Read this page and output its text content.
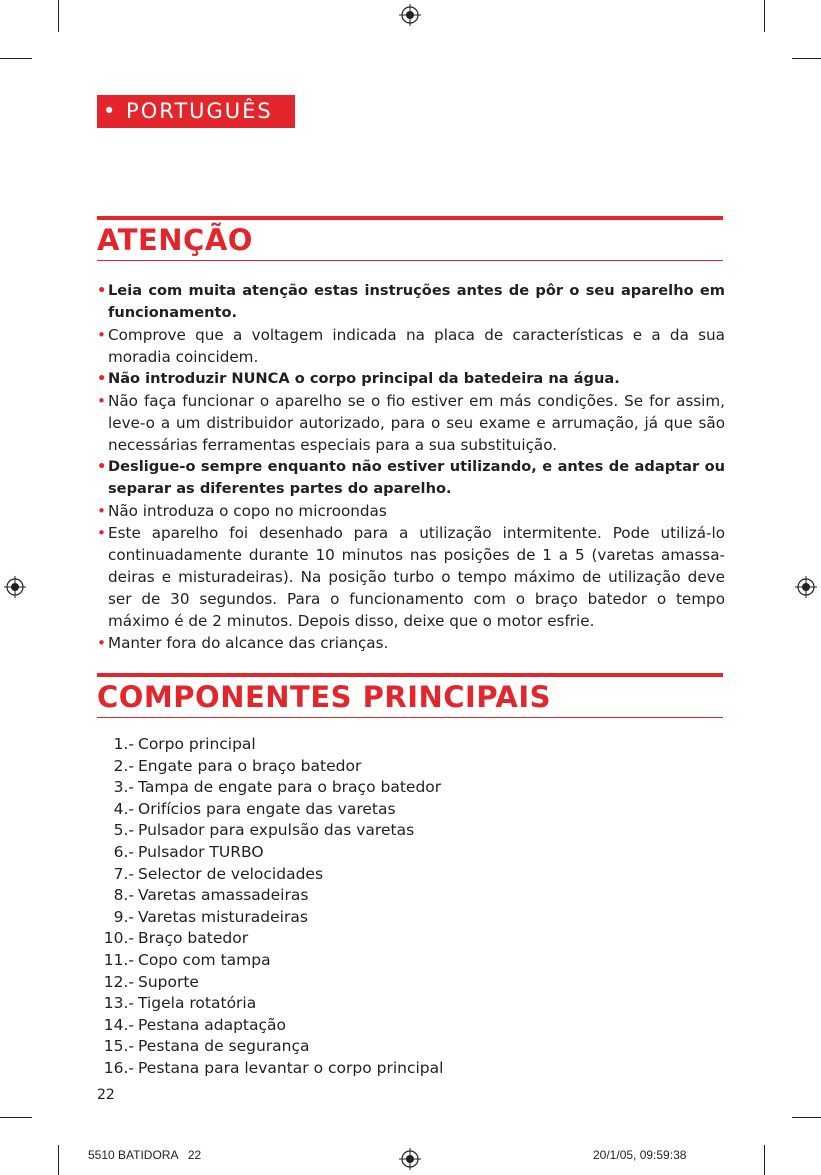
• PORTUGUÊS
ATENÇÃO
• Leia com muita atenção estas instruções antes de pôr o seu aparelho em funcionamento.
• Comprove que a voltagem indicada na placa de características e a da sua moradia coincidem.
• Não introduzir NUNCA o corpo principal da batedeira na água.
• Não faça funcionar o aparelho se o fio estiver em más condições. Se for assim, leve-o a um distribuidor autorizado, para o seu exame e arrumação, já que são necessárias ferramentas especiais para a sua substituição.
• Desligue-o sempre enquanto não estiver utilizando, e antes de adaptar ou separar as diferentes partes do aparelho.
• Não introduza o copo no microondas
• Este aparelho foi desenhado para a utilização intermitente. Pode utilizá-lo continuadamente durante 10 minutos nas posições de 1 a 5 (varetas amassa-deiras e misturadeiras). Na posição turbo o tempo máximo de utilização deve ser de 30 segundos. Para o funcionamento com o braço batedor o tempo máximo é de 2 minutos. Depois disso, deixe que o motor esfrie.
• Manter fora do alcance das crianças.
COMPONENTES PRINCIPAIS
1.- Corpo principal
2.- Engate para o braço batedor
3.- Tampa de engate para o braço batedor
4.- Orifícios para engate das varetas
5.- Pulsador para expulsão das varetas
6.- Pulsador TURBO
7.- Selector de velocidades
8.- Varetas amassadeiras
9.- Varetas misturadeiras
10.- Braço batedor
11.- Copo com tampa
12.- Suporte
13.- Tigela rotatória
14.- Pestana adaptação
15.- Pestana de segurança
16.- Pestana para levantar o corpo principal
22
5510 BATIDORA   22	20/1/05, 09:59:38
